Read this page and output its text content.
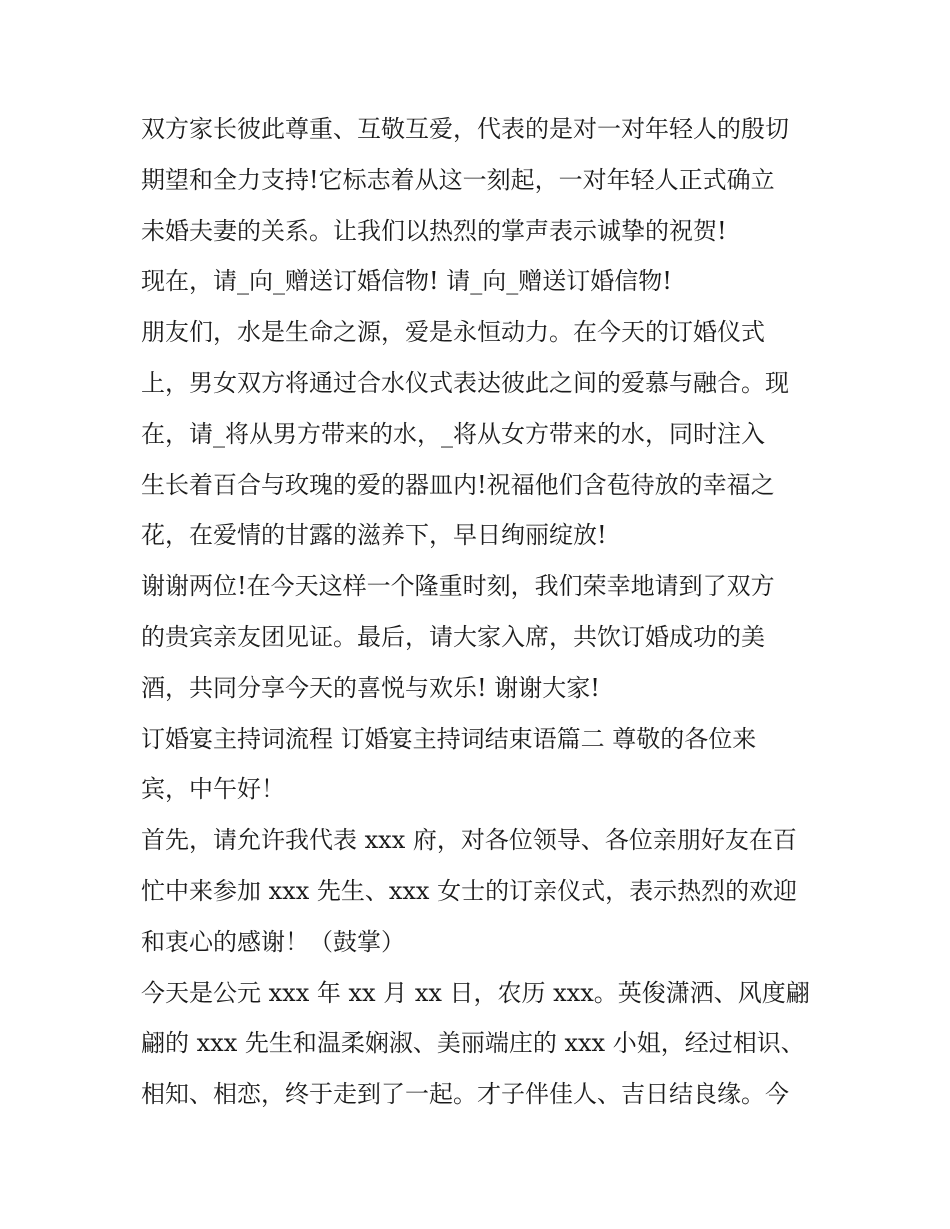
双方家长彼此尊重、互敬互爱，代表的是对一对年轻人的殷切
期望和全力支持!它标志着从这一刻起，一对年轻人正式确立
未婚夫妻的关系。让我们以热烈的掌声表示诚挚的祝贺!
现在，请_向_赠送订婚信物! 请_向_赠送订婚信物!
朋友们，水是生命之源，爱是永恒动力。在今天的订婚仪式
上，男女双方将通过合水仪式表达彼此之间的爱慕与融合。现
在，请_将从男方带来的水，_将从女方带来的水，同时注入
生长着百合与玫瑰的爱的器皿内!祝福他们含苞待放的幸福之
花，在爱情的甘露的滋养下，早日绚丽绽放!
谢谢两位!在今天这样一个隆重时刻，我们荣幸地请到了双方
的贵宾亲友团见证。最后，请大家入席，共饮订婚成功的美
酒，共同分享今天的喜悦与欢乐! 谢谢大家!
订婚宴主持词流程 订婚宴主持词结束语篇二 尊敬的各位来
宾，中午好！
首先，请允许我代表 xxx 府，对各位领导、各位亲朋好友在百
忙中来参加 xxx 先生、xxx 女士的订亲仪式，表示热烈的欢迎
和衷心的感谢！（鼓掌）
今天是公元 xxx 年 xx 月 xx 日，农历 xxx。英俊潇洒、风度翩
翩的 xxx 先生和温柔娴淑、美丽端庄的 xxx 小姐，经过相识、
相知、相恋，终于走到了一起。才子伴佳人、吉日结良缘。今
